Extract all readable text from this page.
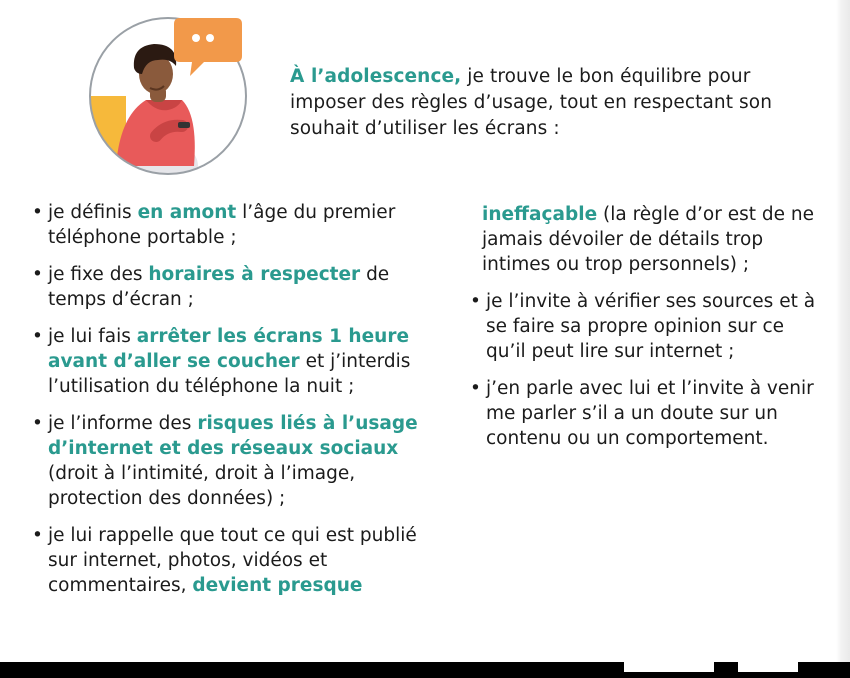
À l’adolescence, je trouve le bon équilibre pour imposer des règles d’usage, tout en respectant son souhait d’utiliser les écrans :
• je définis en amont l’âge du premier téléphone portable ;
• je fixe des horaires à respecter de temps d’écran ;
• je lui fais arrêter les écrans 1 heure avant d’aller se coucher et j’interdis l’utilisation du téléphone la nuit ;
• je l’informe des risques liés à l’usage d’internet et des réseaux sociaux (droit à l’intimité, droit à l’image, protection des données) ;
• je lui rappelle que tout ce qui est publié sur internet, photos, vidéos et commentaires, devient presque
ineffaçable (la règle d’or est de ne jamais dévoiler de détails trop intimes ou trop personnels) ;
• je l’invite à vérifier ses sources et à se faire sa propre opinion sur ce qu’il peut lire sur internet ;
• j’en parle avec lui et l’invite à venir me parler s’il a un doute sur un contenu ou un comportement.
